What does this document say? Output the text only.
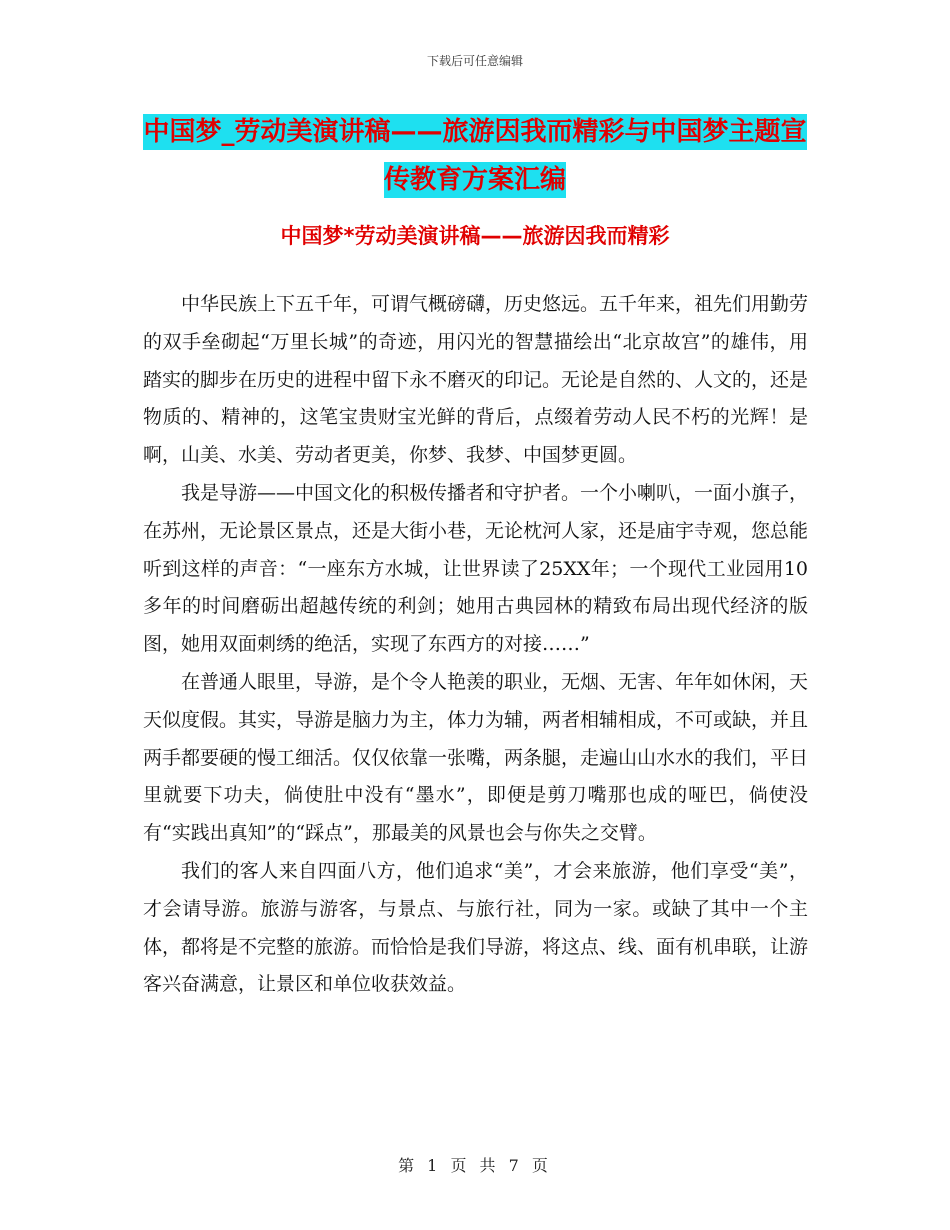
下载后可任意编辑
中国梦_劳动美演讲稿——旅游因我而精彩与中国梦主题宣传教育方案汇编
中国梦*劳动美演讲稿——旅游因我而精彩

中华民族上下五千年，可谓气概磅礴，历史悠远。五千年来，祖先们用勤劳的双手垒砌起“万里长城”的奇迹，用闪光的智慧描绘出“北京故宫”的雄伟，用踏实的脚步在历史的进程中留下永不磨灭的印记。无论是自然的、人文的，还是物质的、精神的，这笔宝贵财宝光鲜的背后，点缀着劳动人民不朽的光辉！是啊，山美、水美、劳动者更美，你梦、我梦、中国梦更圆。

我是导游——中国文化的积极传播者和守护者。一个小喇叭，一面小旗子，在苏州，无论景区景点，还是大街小巷，无论枕河人家，还是庙宇寺观，您总能听到这样的声音：“一座东方水城，让世界读了25XX年；一个现代工业园用10多年的时间磨砺出超越传统的利剑；她用古典园林的精致布局出现代经济的版图，她用双面刺绣的绝活，实现了东西方的对接……”

在普通人眼里，导游，是个令人艳羡的职业，无烟、无害、年年如休闲，天天似度假。其实，导游是脑力为主，体力为辅，两者相辅相成，不可或缺，并且两手都要硬的慢工细活。仅仅依靠一张嘴，两条腿，走遍山山水水的我们，平日里就要下功夫，倘使肚中没有“墨水”，即便是剪刀嘴那也成的哑巴，倘使没有“实践出真知”的“踩点”，那最美的风景也会与你失之交臂。

我们的客人来自四面八方，他们追求“美”，才会来旅游，他们享受“美”，才会请导游。旅游与游客，与景点、与旅行社，同为一家。或缺了其中一个主体，都将是不完整的旅游。而恰恰是我们导游，将这点、线、面有机串联，让游客兴奋满意，让景区和单位收获效益。

第 1 页 共 7 页
